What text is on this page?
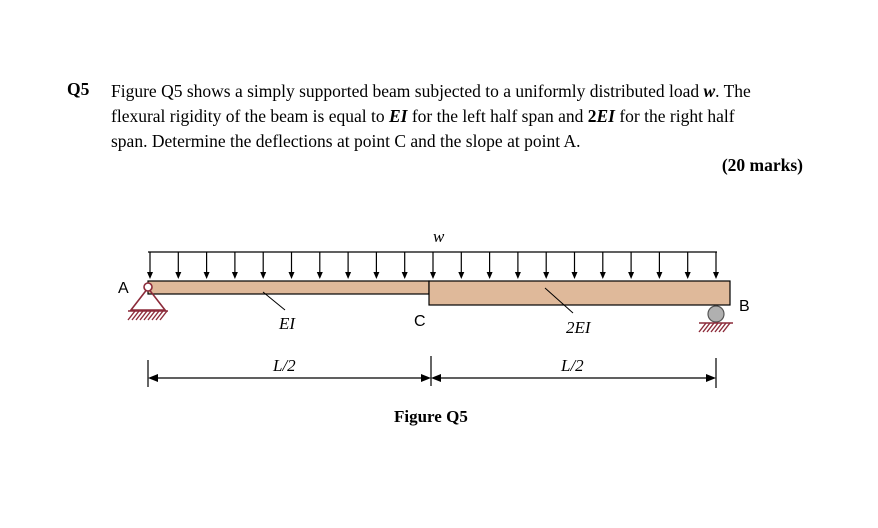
Q5 Figure Q5 shows a simply supported beam subjected to a uniformly distributed load w. The
flexural rigidity of the beam is equal to EI for the left half span and 2EI for the right half
span. Determine the deflections at point C and the slope at point A.
(20 marks)
w
A
B
C
EI	2EI
L/2	L/2
Figure Q5
